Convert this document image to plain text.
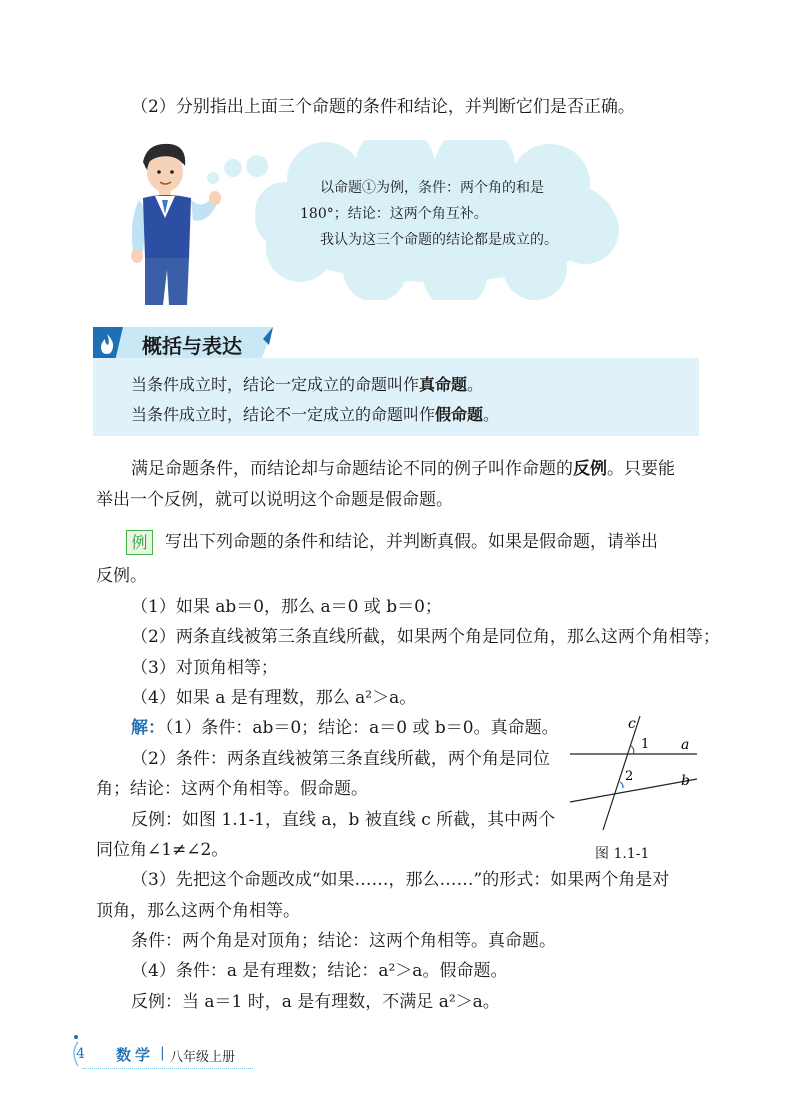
（2）分别指出上面三个命题的条件和结论，并判断它们是否正确。
以命题①为例，条件：两个角的和是
180°；结论：这两个角互补。
我认为这三个命题的结论都是成立的。
概括与表达
当条件成立时，结论一定成立的命题叫作真命题。
当条件成立时，结论不一定成立的命题叫作假命题。
满足命题条件，而结论却与命题结论不同的例子叫作命题的反例。只要能
举出一个反例，就可以说明这个命题是假命题。
例	写出下列命题的条件和结论，并判断真假。如果是假命题，请举出
反例。
（1）如果 ab＝0，那么 a＝0 或 b＝0；
（2）两条直线被第三条直线所截，如果两个角是同位角，那么这两个角相等；
（3）对顶角相等；
（4）如果 a 是有理数，那么 a²＞a。
解：（1）条件：ab＝0；结论：a＝0 或 b＝0。真命题。
（2）条件：两条直线被第三条直线所截，两个角是同位
角；结论：这两个角相等。假命题。
反例：如图 1.1-1，直线 a，b 被直线 c 所截，其中两个
同位角∠1≠∠2。
（3）先把这个命题改成“如果……，那么……”的形式：如果两个角是对
顶角，那么这两个角相等。
条件：两个角是对顶角；结论：这两个角相等。真命题。
（4）条件：a 是有理数；结论：a²＞a。假命题。
反例：当 a＝1 时，a 是有理数，不满足 a²＞a。
c
a
b
1
2
图 1.1-1
4 数学 | 八年级上册
